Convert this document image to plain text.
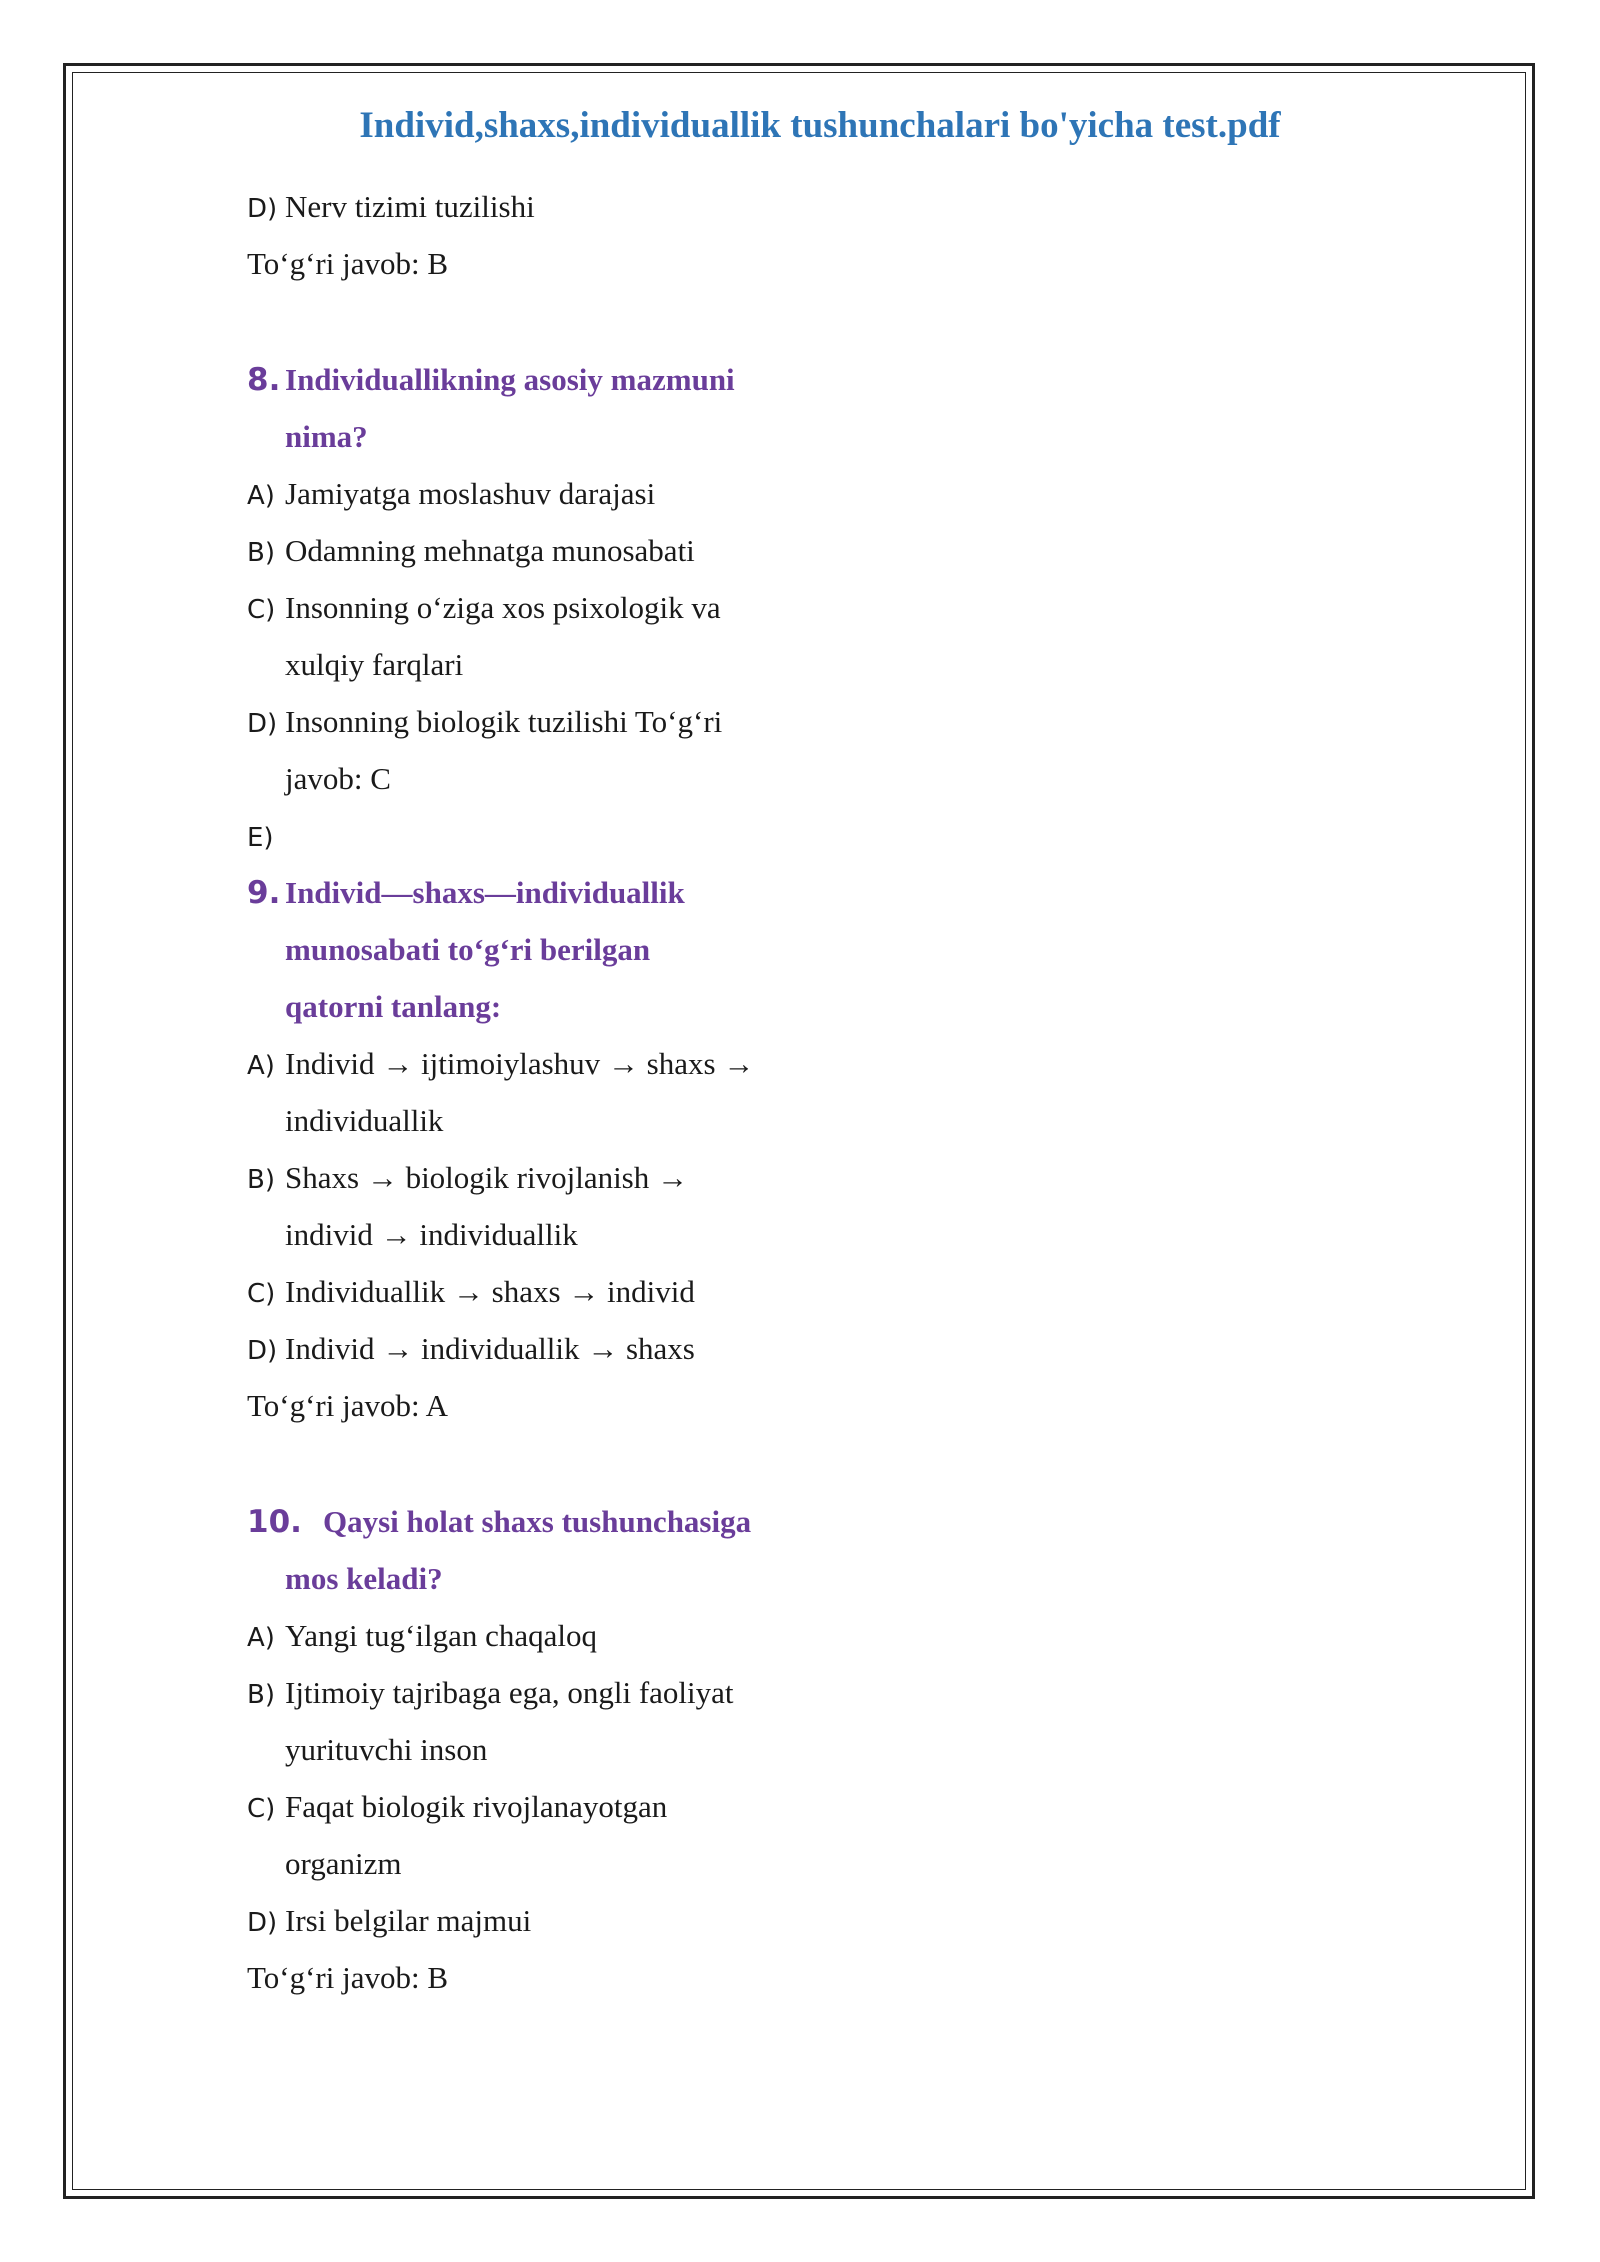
Individ,shaxs,individuallik tushunchalari bo'yicha test.pdf
D) Nerv tizimi tuzilishi
To‘g‘ri javob: B
8. Individuallikning asosiy mazmuni
nima?
A) Jamiyatga moslashuv darajasi
B) Odamning mehnatga munosabati
C) Insonning o‘ziga xos psixologik va
xulqiy farqlari
D) Insonning biologik tuzilishi To‘g‘ri
javob: C
E)
9. Individ—shaxs—individuallik
munosabati to‘g‘ri berilgan
qatorni tanlang:
A) Individ → ijtimoiylashuv → shaxs →
individuallik
B) Shaxs → biologik rivojlanish →
individ → individuallik
C) Individuallik → shaxs → individ
D) Individ → individuallik → shaxs
To‘g‘ri javob: A
10. Qaysi holat shaxs tushunchasiga
mos keladi?
A) Yangi tug‘ilgan chaqaloq
B) Ijtimoiy tajribaga ega, ongli faoliyat
yurituvchi inson
C) Faqat biologik rivojlanayotgan
organizm
D) Irsi belgilar majmui
To‘g‘ri javob: B
